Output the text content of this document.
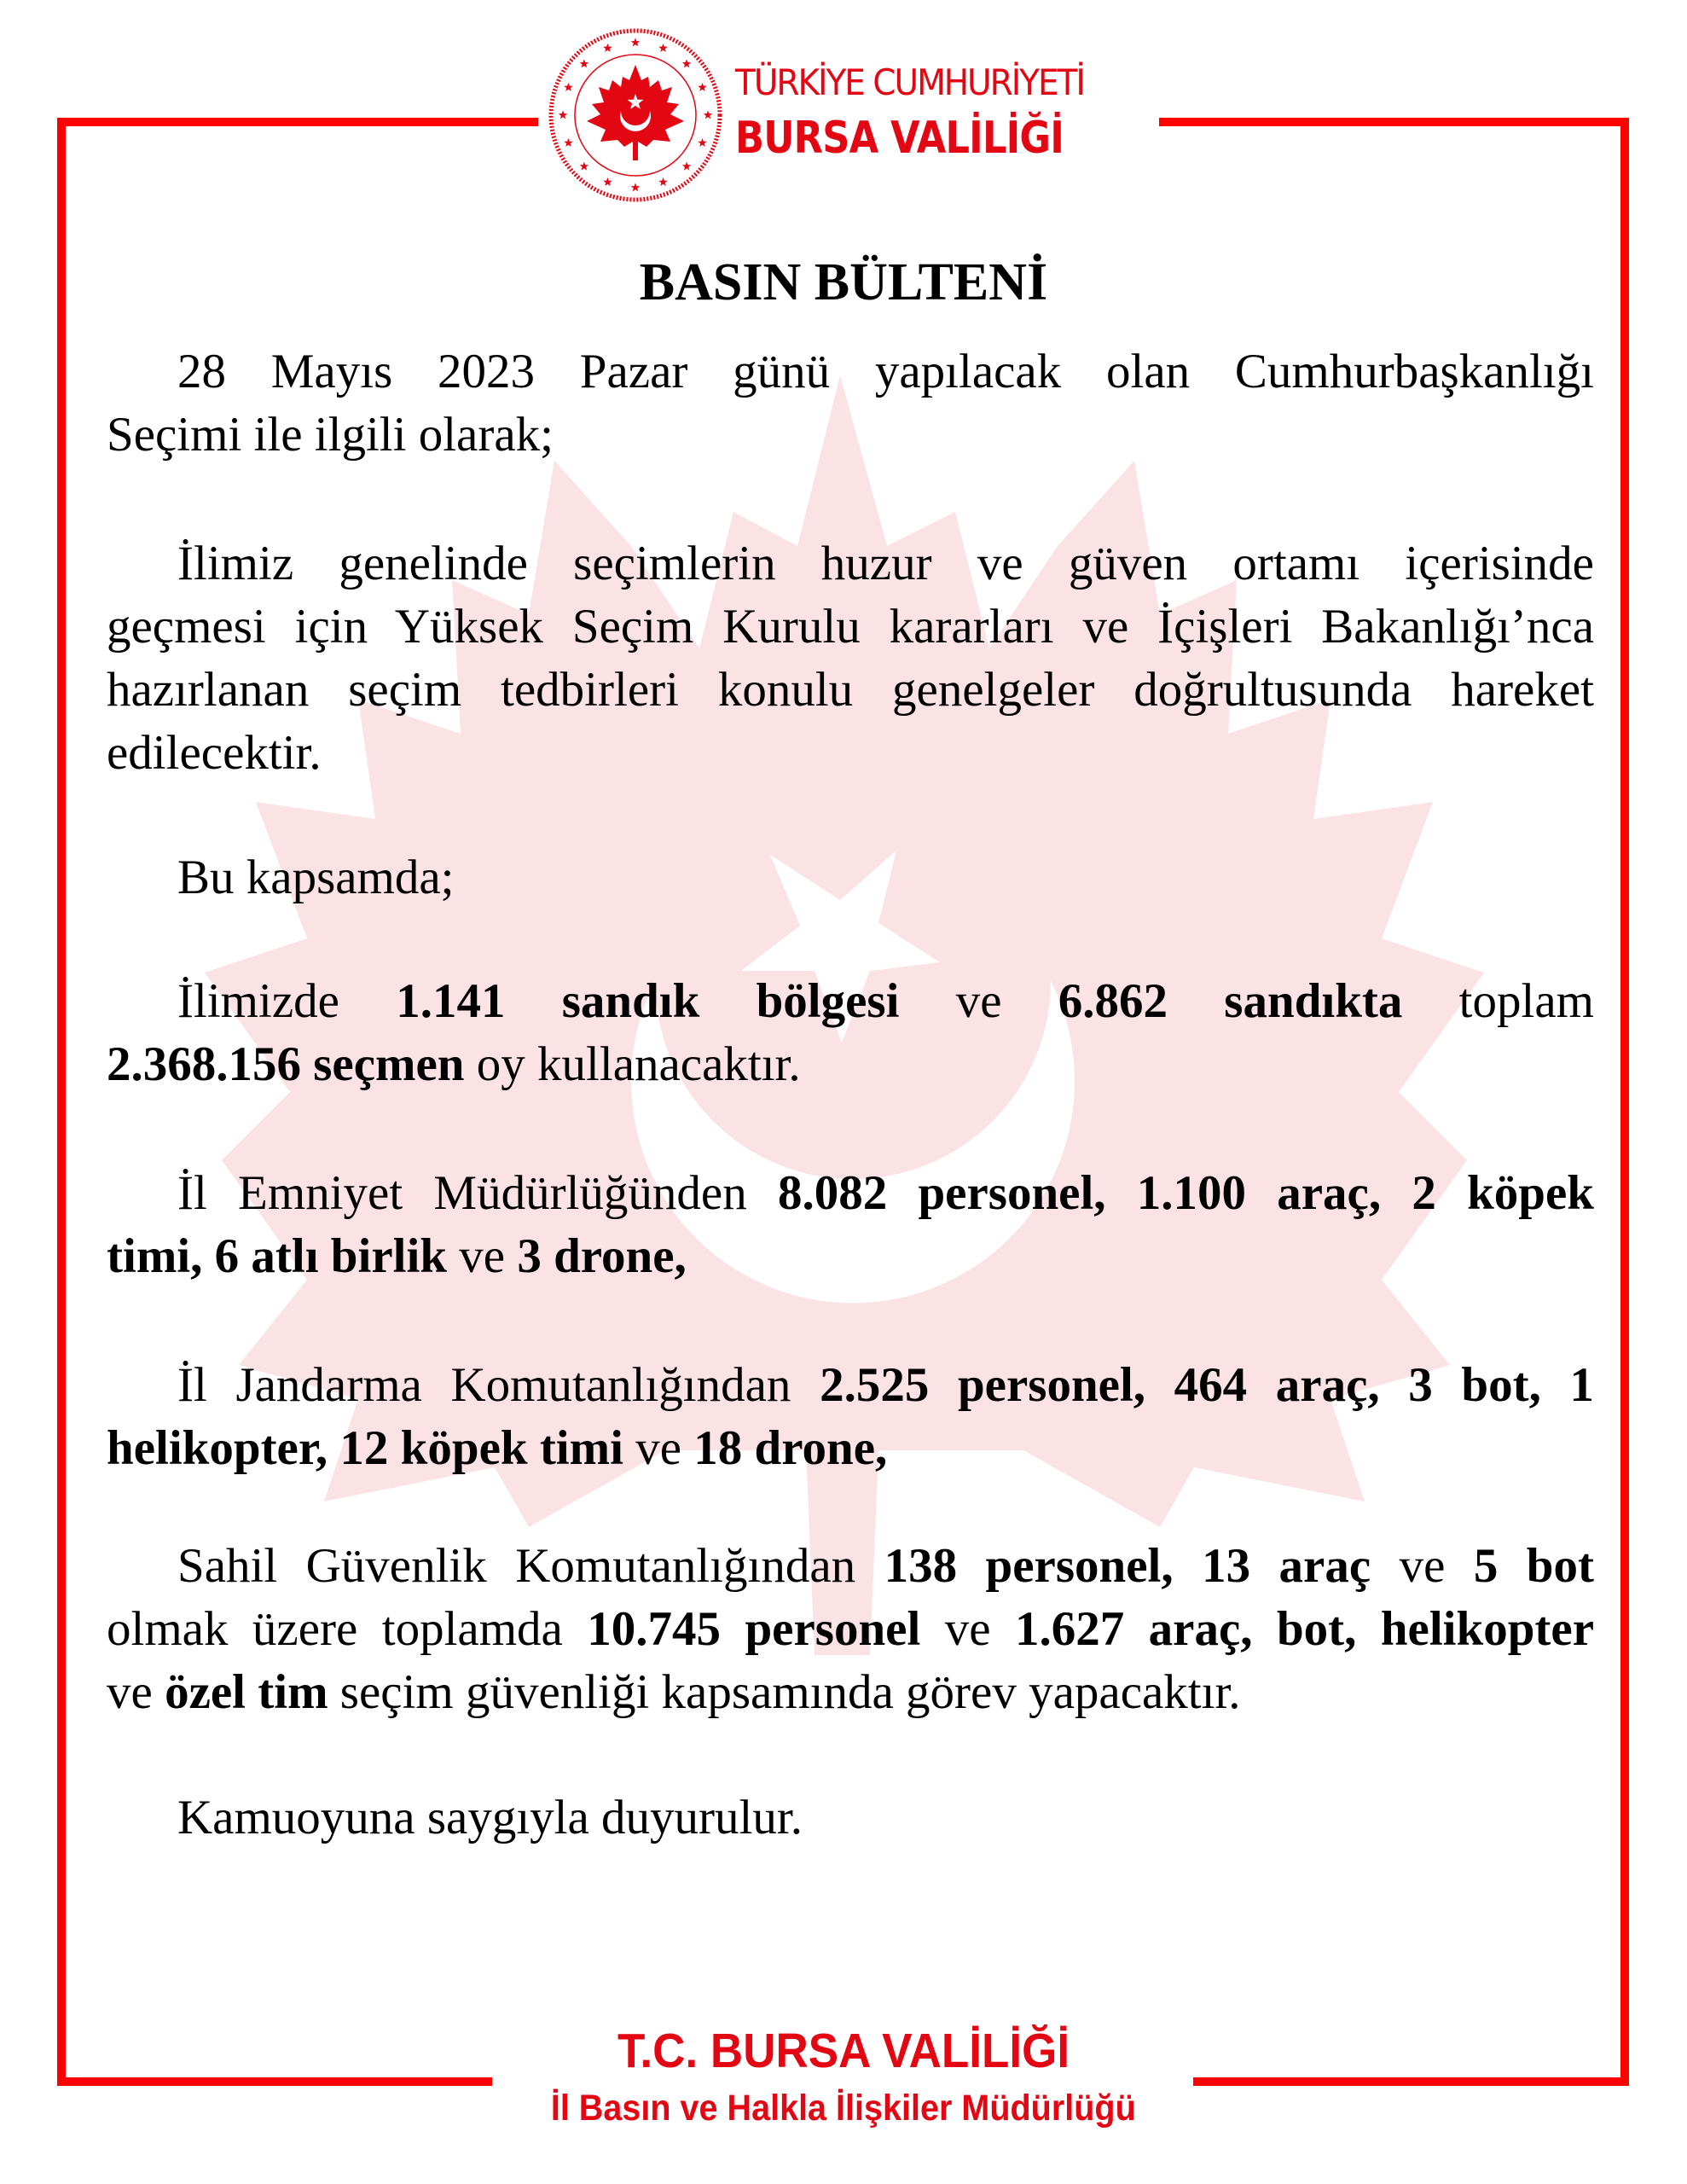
TÜRKİYE CUMHURİYETİ
BURSA VALİLİĞİ
BASIN BÜLTENİ
28 Mayıs 2023 Pazar günü yapılacak olan Cumhurbaşkanlığı
Seçimi ile ilgili olarak;
İlimiz genelinde seçimlerin huzur ve güven ortamı içerisinde
geçmesi için Yüksek Seçim Kurulu kararları ve İçişleri Bakanlığı’nca
hazırlanan seçim tedbirleri konulu genelgeler doğrultusunda hareket
edilecektir.
Bu kapsamda;
İlimizde 1.141 sandık bölgesi ve 6.862 sandıkta toplam
2.368.156 seçmen oy kullanacaktır.
İl Emniyet Müdürlüğünden 8.082 personel, 1.100 araç, 2 köpek
timi, 6 atlı birlik ve 3 drone,
İl Jandarma Komutanlığından 2.525 personel, 464 araç, 3 bot, 1
helikopter, 12 köpek timi ve 18 drone,
Sahil Güvenlik Komutanlığından 138 personel, 13 araç ve 5 bot
olmak üzere toplamda 10.745 personel ve 1.627 araç, bot, helikopter
ve özel tim seçim güvenliği kapsamında görev yapacaktır.
Kamuoyuna saygıyla duyurulur.
T.C. BURSA VALİLİĞİ
İl Basın ve Halkla İlişkiler Müdürlüğü
